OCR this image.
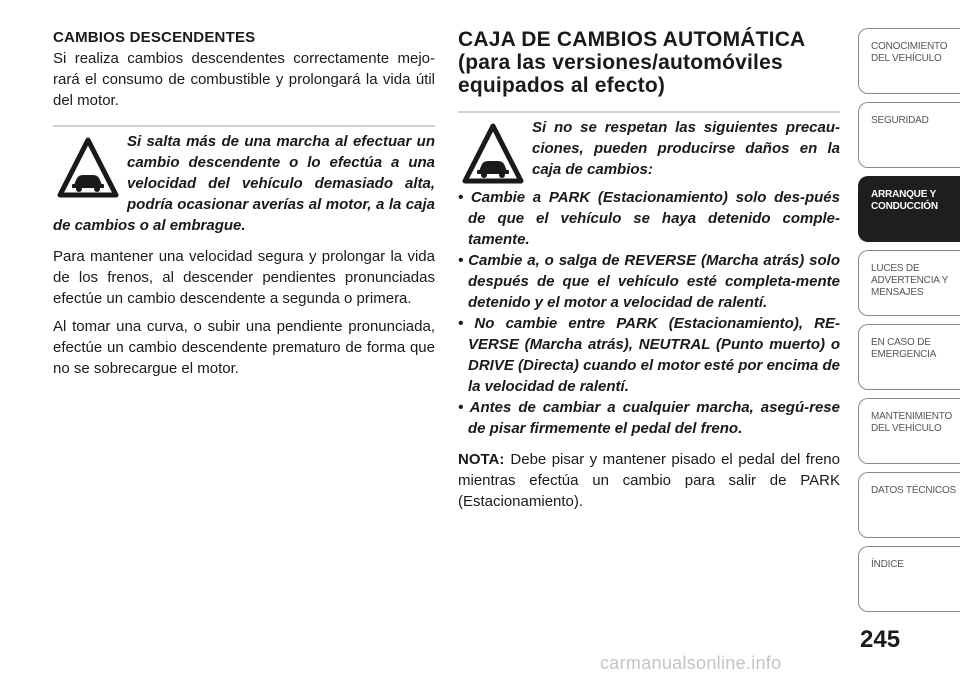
CAMBIOS DESCENDENTES

Si realiza cambios descendentes correctamente mejo-rará el consumo de combustible y prolongará la vida útil del motor.

Si salta más de una marcha al efectuar un cambio descendente o lo efectúa a una velocidad del vehículo demasiado alta, podría ocasionar averías al motor, a la caja de cambios o al embrague.

Para mantener una velocidad segura y prolongar la vida de los frenos, al descender pendientes pronunciadas efectúe un cambio descendente a segunda o primera.

Al tomar una curva, o subir una pendiente pronunciada, efectúe un cambio descendente prematuro de forma que no se sobrecargue el motor.

CAJA DE CAMBIOS AUTOMÁTICA (para las versiones/automóviles equipados al efecto)

Si no se respetan las siguientes precau-ciones, pueden producirse daños en la caja de cambios:

• Cambie a PARK (Estacionamiento) solo des-pués de que el vehículo se haya detenido comple-tamente.

• Cambie a, o salga de REVERSE (Marcha atrás) solo después de que el vehículo esté completa-mente detenido y el motor a velocidad de ralentí.

• No cambie entre PARK (Estacionamiento), RE-VERSE (Marcha atrás), NEUTRAL (Punto muerto) o DRIVE (Directa) cuando el motor esté por encima de la velocidad de ralentí.

• Antes de cambiar a cualquier marcha, asegú-rese de pisar firmemente el pedal del freno.

NOTA: Debe pisar y mantener pisado el pedal del freno mientras efectúa un cambio para salir de PARK (Estacionamiento).

CONOCIMIENTO DEL VEHÍCULO
SEGURIDAD
ARRANQUE Y CONDUCCIÓN
LUCES DE ADVERTENCIA Y MENSAJES
EN CASO DE EMERGENCIA
MANTENIMIENTO DEL VEHÍCULO
DATOS TÉCNICOS
ÍNDICE
245
carmanualsonline.info
